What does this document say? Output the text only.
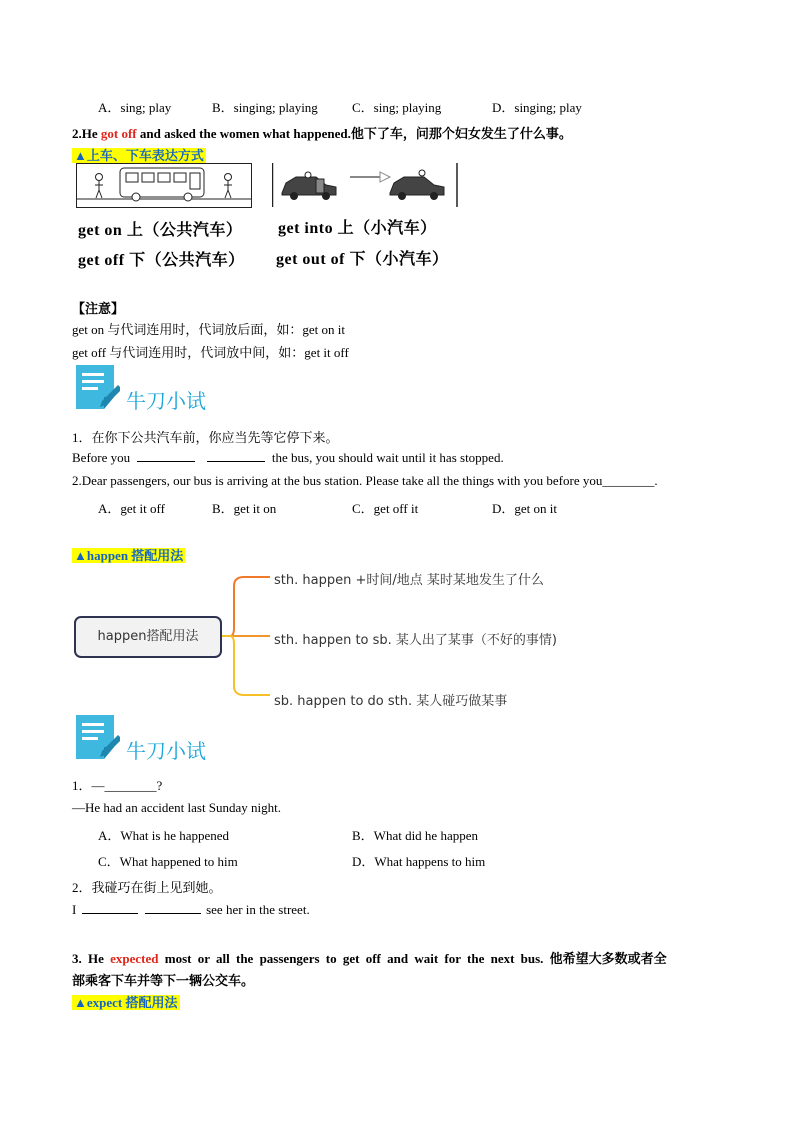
A．sing; play	B．singing; playing	C．sing; playing	D．singing; play
2.He got off and asked the women what happened.他下了车，问那个妇女发生了什么事。
▲上车、下车表达方式
get on 上（公共汽车） get into 上（小汽车）
get off 下（公共汽车） get out of 下（小汽车）
【注意】
get on 与代词连用时，代词放后面，如：get on it
get off 与代词连用时，代词放中间，如：get it off
牛刀小试
1．在你下公共汽车前，你应当先等它停下来。
Before you	the bus, you should wait until it has stopped.
2.Dear passengers, our bus is arriving at the bus station. Please take all the things with you before you________.
A．get it off	B．get it on	C．get off it	D．get on it
▲happen 搭配用法
happen搭配用法
sth. happen +时间/地点 某时某地发生了什么
sth. happen to sb. 某人出了某事（不好的事情)
sb. happen to do sth. 某人碰巧做某事
牛刀小试
1．—________?
—He had an accident last Sunday night.
A．What is he happened	B．What did he happen
C．What happened to him	D．What happens to him
2．我碰巧在街上见到她。
I	see her in the street.
3. He expected most or all the passengers to get off and wait for the next bus. 他希望大多数或者全
部乘客下车并等下一辆公交车。
▲expect 搭配用法
